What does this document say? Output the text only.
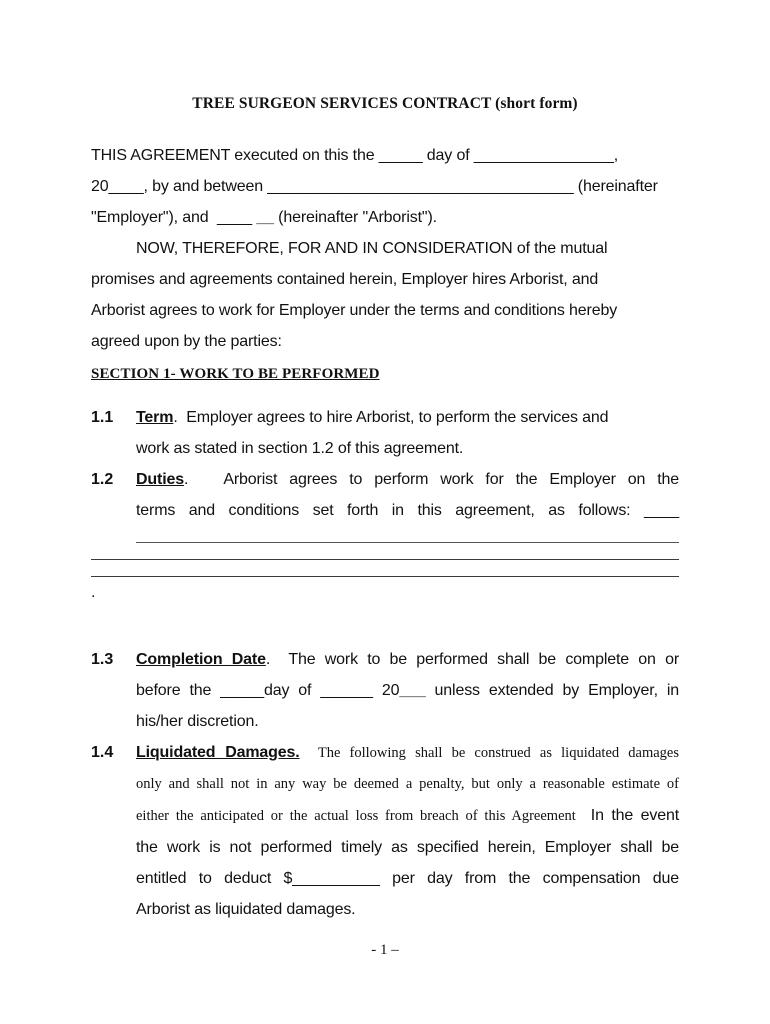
TREE SURGEON SERVICES CONTRACT (short form)
THIS AGREEMENT executed on this the _____ day of ________________,
20____, by and between ___________________________________ (hereinafter
"Employer"), and  ____ __ (hereinafter "Arborist").
NOW, THEREFORE, FOR AND IN CONSIDERATION of the mutual
promises and agreements contained herein, Employer hires Arborist, and
Arborist agrees to work for Employer under the terms and conditions hereby
agreed upon by the parties:
SECTION 1- WORK TO BE PERFORMED
1.1 Term.  Employer agrees to hire Arborist, to perform the services and
work as stated in section 1.2 of this agreement.
1.2 Duties.   Arborist agrees to perform work for the Employer on the
terms and conditions set forth in this agreement, as follows: ____
.
1.3 Completion Date.  The work to be performed shall be complete on or
before the _____day of ______ 20___ unless extended by Employer, in
his/her discretion.
1.4 Liquidated Damages.  The following shall be construed as liquidated damages
only and shall not in any way be deemed a penalty, but only a reasonable estimate of
either the anticipated or the actual loss from breach of this Agreement  In the event
the work is not performed timely as specified herein, Employer shall be
entitled to deduct $__________ per day from the compensation due
Arborist as liquidated damages.
- 1 –
